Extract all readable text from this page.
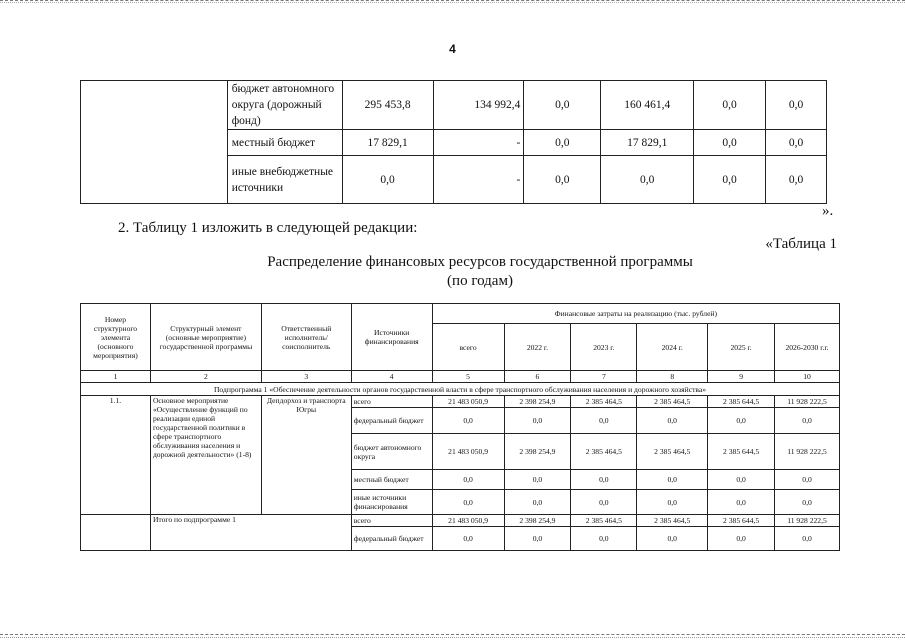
4
	бюджет автономного округа (дорожный фонд)	295 453,8	134 992,4	0,0	160 461,4	0,0	0,0
	местный бюджет	17 829,1	-	0,0	17 829,1	0,0	0,0
	иные внебюджетные источники	0,0	-	0,0	0,0	0,0	0,0
».
2. Таблицу 1 изложить в следующей редакции:
«Таблица 1
Распределение финансовых ресурсов государственной программы
(по годам)
Номер структурного элемента (основного мероприятия)	Структурный элемент (основные мероприятие) государственной программы	Ответственный исполнитель/ соисполнитель	Источники финансирования	Финансовые затраты на реализацию (тыс. рублей)					
				всего	2022 г.	2023 г.	2024 г.	2025 г.	2026-2030 г.г.
1	2	3	4	5	6	7	8	9	10
Подпрограмма 1 «Обеспечение деятельности органов государственной власти в сфере транспортного обслуживания населения и дорожного хозяйства»									
1.1.	Основное мероприятие «Осуществление функций по реализации единой государственной политики в сфере транспортного обслуживания населения и дорожной деятельности» (1-8)	Депдорхоз и транспорта Югры	всего	21 483 050,9	2 398 254,9	2 385 464,5	2 385 464,5	2 385 644,5	11 928 222,5
			федеральный бюджет	0,0	0,0	0,0	0,0	0,0	0,0
			бюджет автономного округа	21 483 050,9	2 398 254,9	2 385 464,5	2 385 464,5	2 385 644,5	11 928 222,5
			местный бюджет	0,0	0,0	0,0	0,0	0,0	0,0
			иные источники финансирования	0,0	0,0	0,0	0,0	0,0	0,0
	Итого по подпрограмме 1		всего	21 483 050,9	2 398 254,9	2 385 464,5	2 385 464,5	2 385 644,5	11 928 222,5
			федеральный бюджет	0,0	0,0	0,0	0,0	0,0	0,0
